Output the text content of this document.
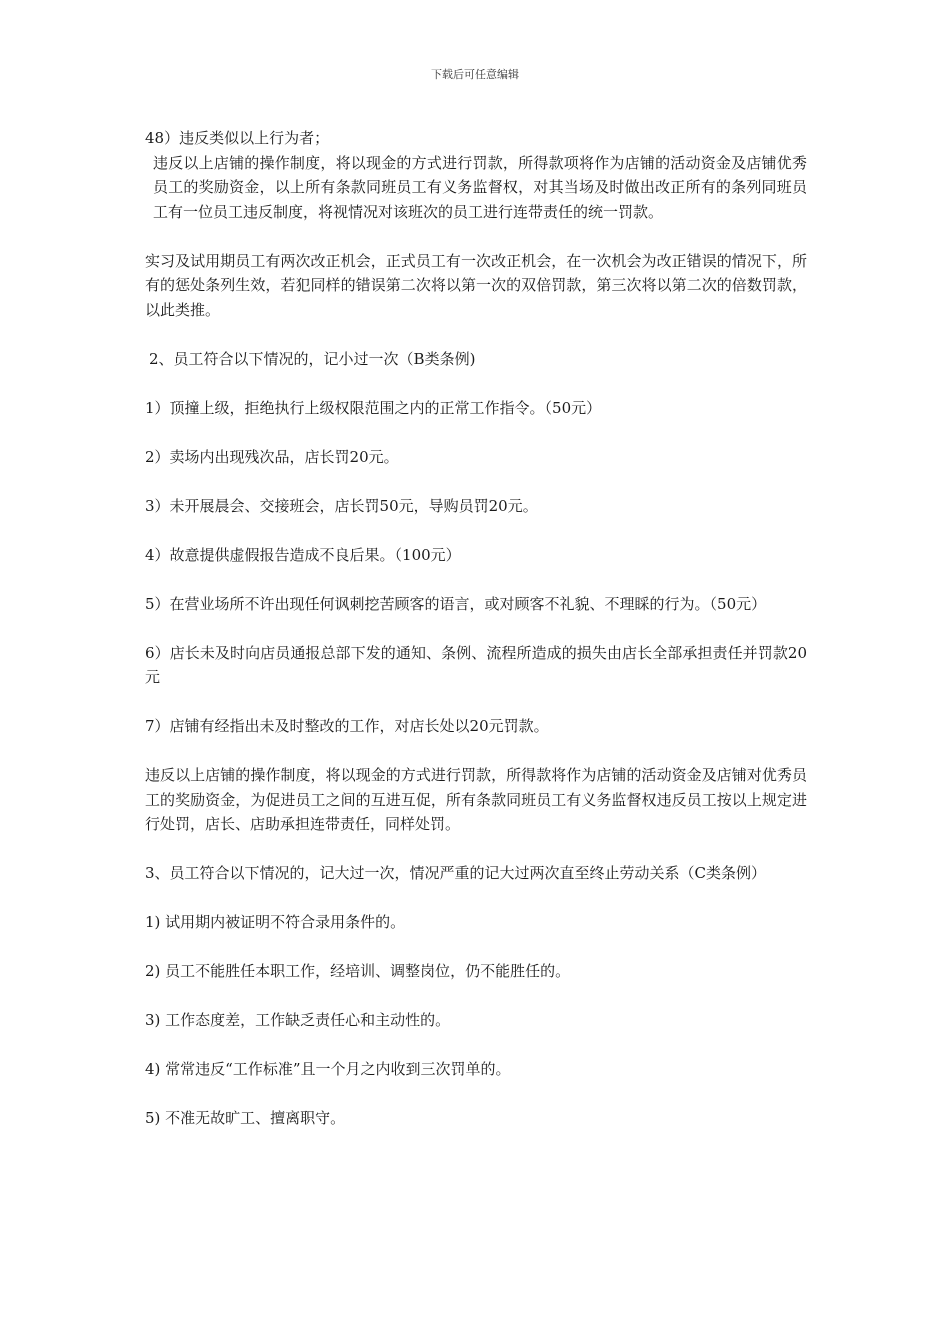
下载后可任意编辑

48）违反类似以上行为者；

违反以上店铺的操作制度，将以现金的方式进行罚款，所得款项将作为店铺的活动资金及店铺优秀员工的奖励资金，以上所有条款同班员工有义务监督权，对其当场及时做出改正所有的条列同班员工有一位员工违反制度，将视情况对该班次的员工进行连带责任的统一罚款。

实习及试用期员工有两次改正机会，正式员工有一次改正机会，在一次机会为改正错误的情况下，所有的惩处条列生效，若犯同样的错误第二次将以第一次的双倍罚款，第三次将以第二次的倍数罚款，以此类推。

2、员工符合以下情况的，记小过一次（B类条例)

1）顶撞上级，拒绝执行上级权限范围之内的正常工作指令。（50元）

2）卖场内出现残次品，店长罚20元。

3）未开展晨会、交接班会，店长罚50元，导购员罚20元。

4）故意提供虚假报告造成不良后果。（100元）

5）在营业场所不许出现任何讽刺挖苦顾客的语言，或对顾客不礼貌、不理睬的行为。（50元）

6）店长未及时向店员通报总部下发的通知、条例、流程所造成的损失由店长全部承担责任并罚款20元

7）店铺有经指出未及时整改的工作，对店长处以20元罚款。

违反以上店铺的操作制度，将以现金的方式进行罚款，所得款将作为店铺的活动资金及店铺对优秀员工的奖励资金，为促进员工之间的互进互促，所有条款同班员工有义务监督权违反员工按以上规定进行处罚，店长、店助承担连带责任，同样处罚。

3、员工符合以下情况的，记大过一次，情况严重的记大过两次直至终止劳动关系（C类条例）

1) 试用期内被证明不符合录用条件的。

2) 员工不能胜任本职工作，经培训、调整岗位，仍不能胜任的。

3) 工作态度差，工作缺乏责任心和主动性的。

4) 常常违反“工作标准”且一个月之内收到三次罚单的。

5) 不准无故旷工、擅离职守。
